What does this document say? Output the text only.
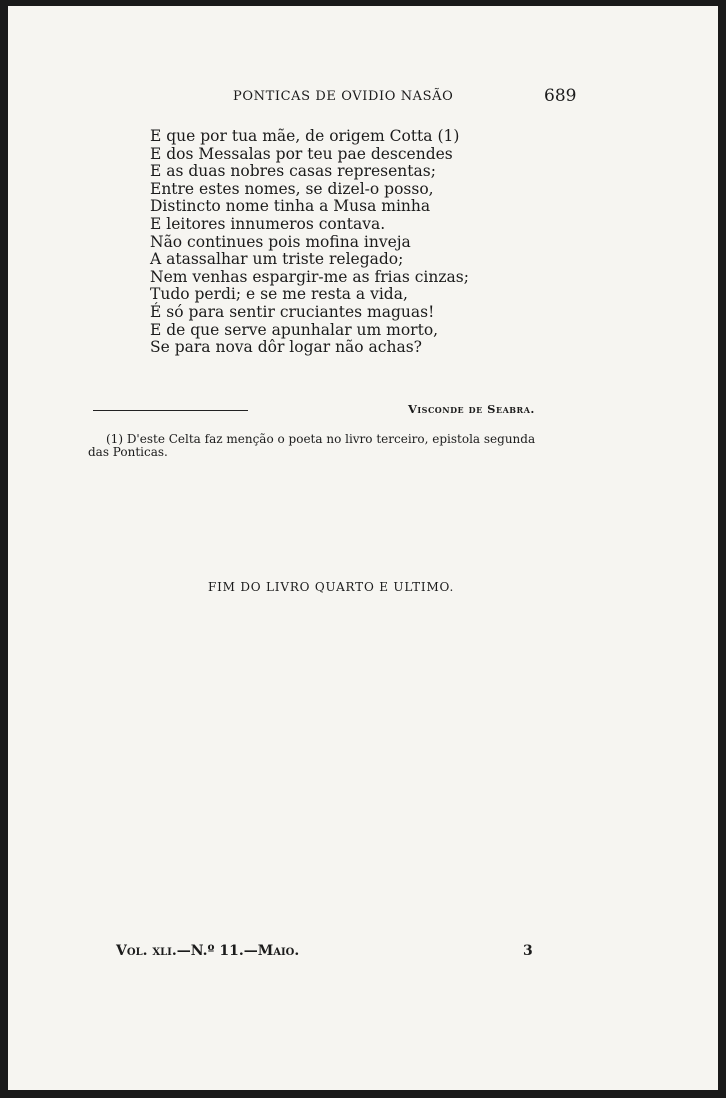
PONTICAS DE OVIDIO NASÃO	689
E que por tua mãe, de origem Cotta (1)
E dos Messalas por teu pae descendes
E as duas nobres casas representas;
Entre estes nomes, se dizel-o posso,
Distincto nome tinha a Musa minha
E leitores innumeros contava.
Não continues pois mofina inveja
A atassalhar um triste relegado;
Nem venhas espargir-me as frias cinzas;
Tudo perdi; e se me resta a vida,
É só para sentir cruciantes maguas!
E de que serve apunhalar um morto,
Se para nova dôr logar não achas?
Visconde de Seabra.
(1) D'este Celta faz menção o poeta no livro terceiro, epistola segunda
das Ponticas.
FIM DO LIVRO QUARTO E ULTIMO.
Vol. xli.—N.º 11.—Maio.	3
